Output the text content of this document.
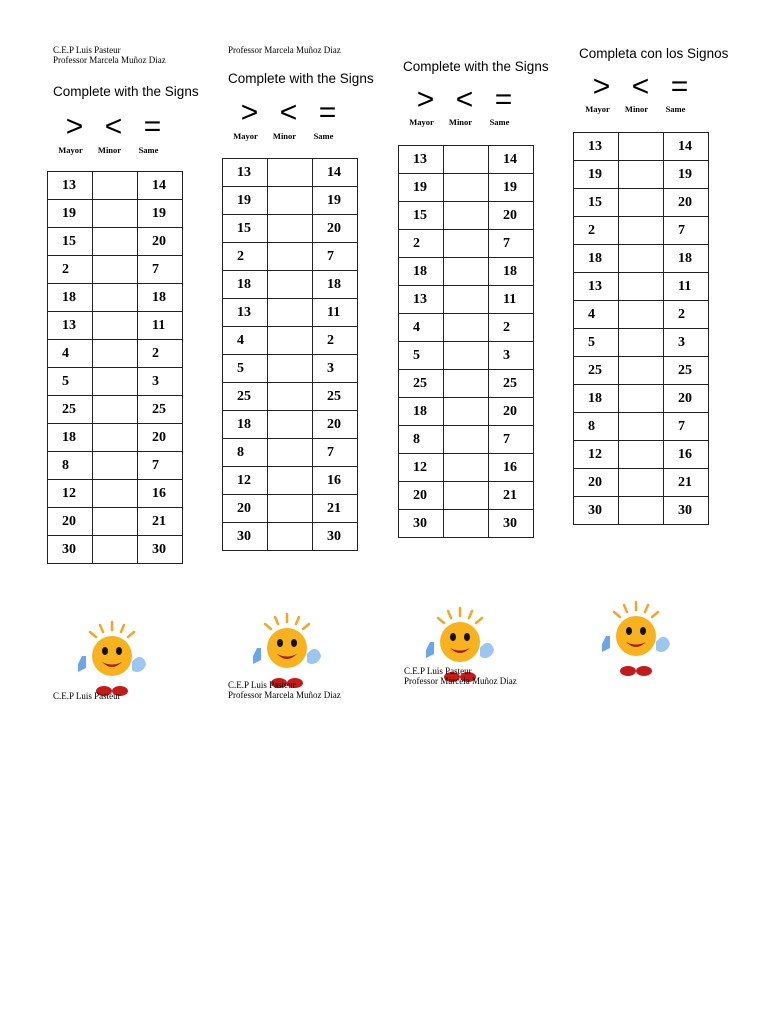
C.E.P Luis Pasteur
Professor Marcela Muñoz Diaz
Complete with the Signs
> < =
Mayor	Minor	Same
13		14
19		19
15		20
2		7
18		18
13		11
4		2
5		3
25		25
18		20
8		7
12		16
20		21
30		30
Professor Marcela Muñoz Diaz
Complete with the Signs
> < =
Mayor	Minor	Same
13		14
19		19
15		20
2		7
18		18
13		11
4		2
5		3
25		25
18		20
8		7
12		16
20		21
30		30
Complete with the Signs
> < =
Mayor	Minor	Same
13		14
19		19
15		20
2		7
18		18
13		11
4		2
5		3
25		25
18		20
8		7
12		16
20		21
30		30
Completa con los Signos
> < =
Mayor	Minor	Same
13		14
19		19
15		20
2		7
18		18
13		11
4		2
5		3
25		25
18		20
8		7
12		16
20		21
30		30
C.E.P Luis Pasteur
C.E.P Luis Pasteur
Professor Marcela Muñoz Diaz
C.E.P Luis Pasteur
Professor Marcela Muñoz Diaz
